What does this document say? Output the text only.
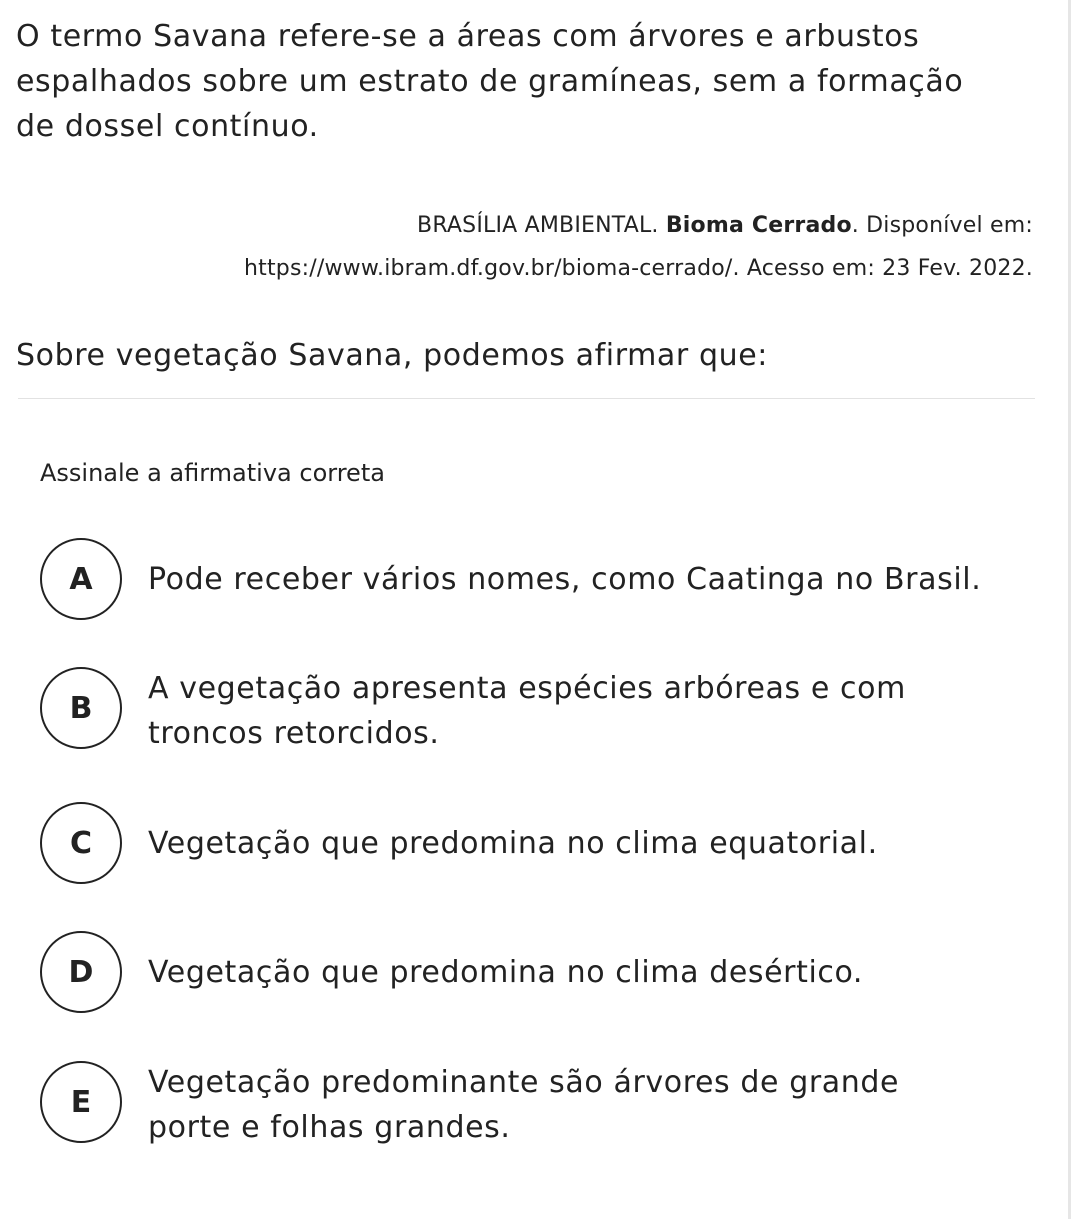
O termo Savana refere-se a áreas com árvores e arbustos
espalhados sobre um estrato de gramíneas, sem a formação
de dossel contínuo.
BRASÍLIA AMBIENTAL. Bioma Cerrado. Disponível em:
https://www.ibram.df.gov.br/bioma-cerrado/. Acesso em: 23 Fev. 2022.
Sobre vegetação Savana, podemos afirmar que:
Assinale a afirmativa correta
A	Pode receber vários nomes, como Caatinga no Brasil.
B
A vegetação apresenta espécies arbóreas e com
troncos retorcidos.
C	Vegetação que predomina no clima equatorial.
D	Vegetação que predomina no clima desértico.
E
Vegetação predominante são árvores de grande
porte e folhas grandes.
